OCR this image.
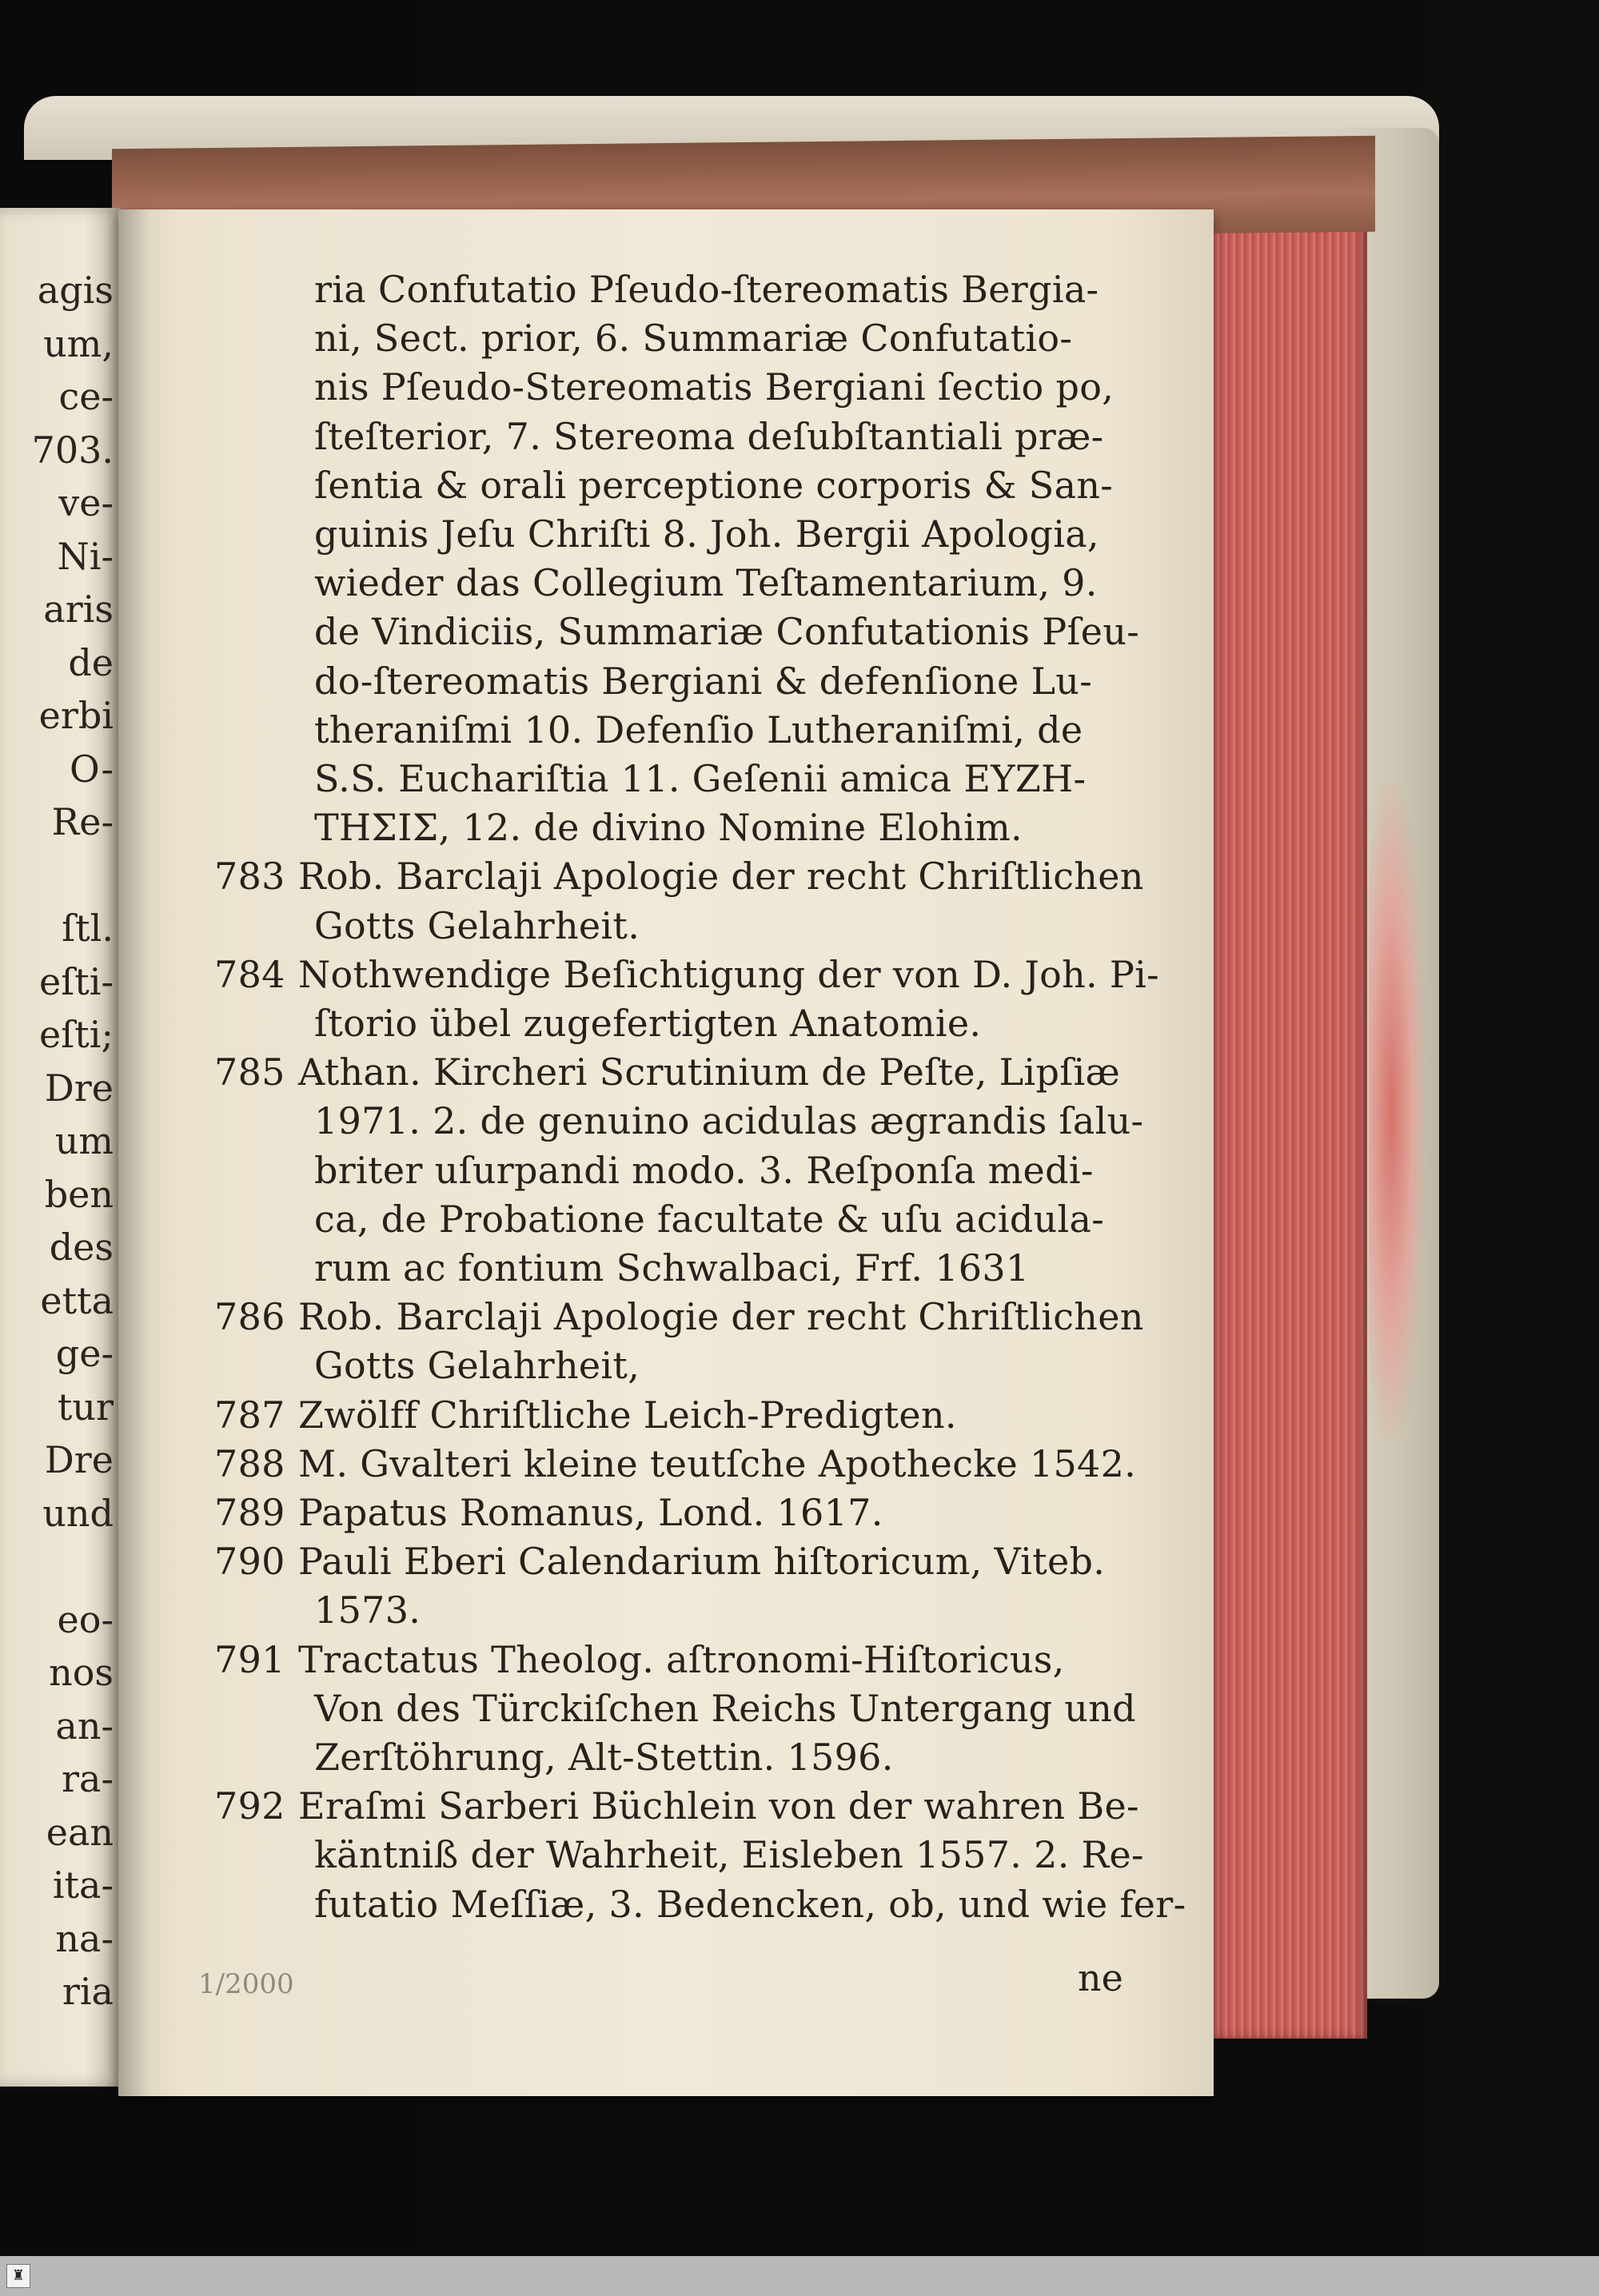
agis
um,
ce-
703.
ve-
Ni-
aris
de
erbi
O-
Re-

ſtl.
eſti-
eſti;
Dre
um
ben
des
etta
ge-
tur
Dre
und

eo-
nos
an-
ra-
ean
ita-
na-
ria
ria Confutatio Pſeudo-ſtereomatis Bergia-
ni, Sect. prior, 6. Summariæ Confutatio-
nis Pſeudo-Stereomatis Bergiani ſectio po,
ſteſterior, 7. Stereoma deſubſtantiali præ-
ſentia & orali perceptione corporis & San-
guinis Jeſu Chriſti 8. Joh. Bergii Apologia,
wieder das Collegium Teſtamentarium, 9.
de Vindiciis, Summariæ Confutationis Pſeu-
do-ſtereomatis Bergiani & defenſione Lu-
theraniſmi 10. Defenſio Lutheraniſmi, de
S.S. Euchariſtia 11. Geſenii amica ΕΥΖΗ-
ΤΗΣΙΣ, 12. de divino Nomine Elohim.
783 Rob. Barclaji Apologie der recht Chriſtlichen
Gotts Gelahrheit.
784 Nothwendige Beſichtigung der von D. Joh. Pi-
ſtorio übel zugefertigten Anatomie.
785 Athan. Kircheri Scrutinium de Peſte, Lipſiæ
1971. 2. de genuino acidulas ægrandis ſalu-
briter uſurpandi modo. 3. Reſponſa medi-
ca, de Probatione facultate & uſu acidula-
rum ac fontium Schwalbaci, Frf. 1631
786 Rob. Barclaji Apologie der recht Chriſtlichen
Gotts Gelahrheit,
787 Zwölff Chriſtliche Leich-Predigten.
788 M. Gvalteri kleine teutſche Apothecke 1542.
789 Papatus Romanus, Lond. 1617.
790 Pauli Eberi Calendarium hiſtoricum, Viteb.
1573.
791 Tractatus Theolog. aſtronomi-Hiſtoricus,
Von des Türckiſchen Reichs Untergang und
Zerſtöhrung, Alt-Stettin. 1596.
792 Eraſmi Sarberi Büchlein von der wahren Be-
käntniß der Wahrheit, Eisleben 1557. 2. Re-
futatio Meſſiæ, 3. Bedencken, ob, und wie fer-
1/2000	ne
♜
